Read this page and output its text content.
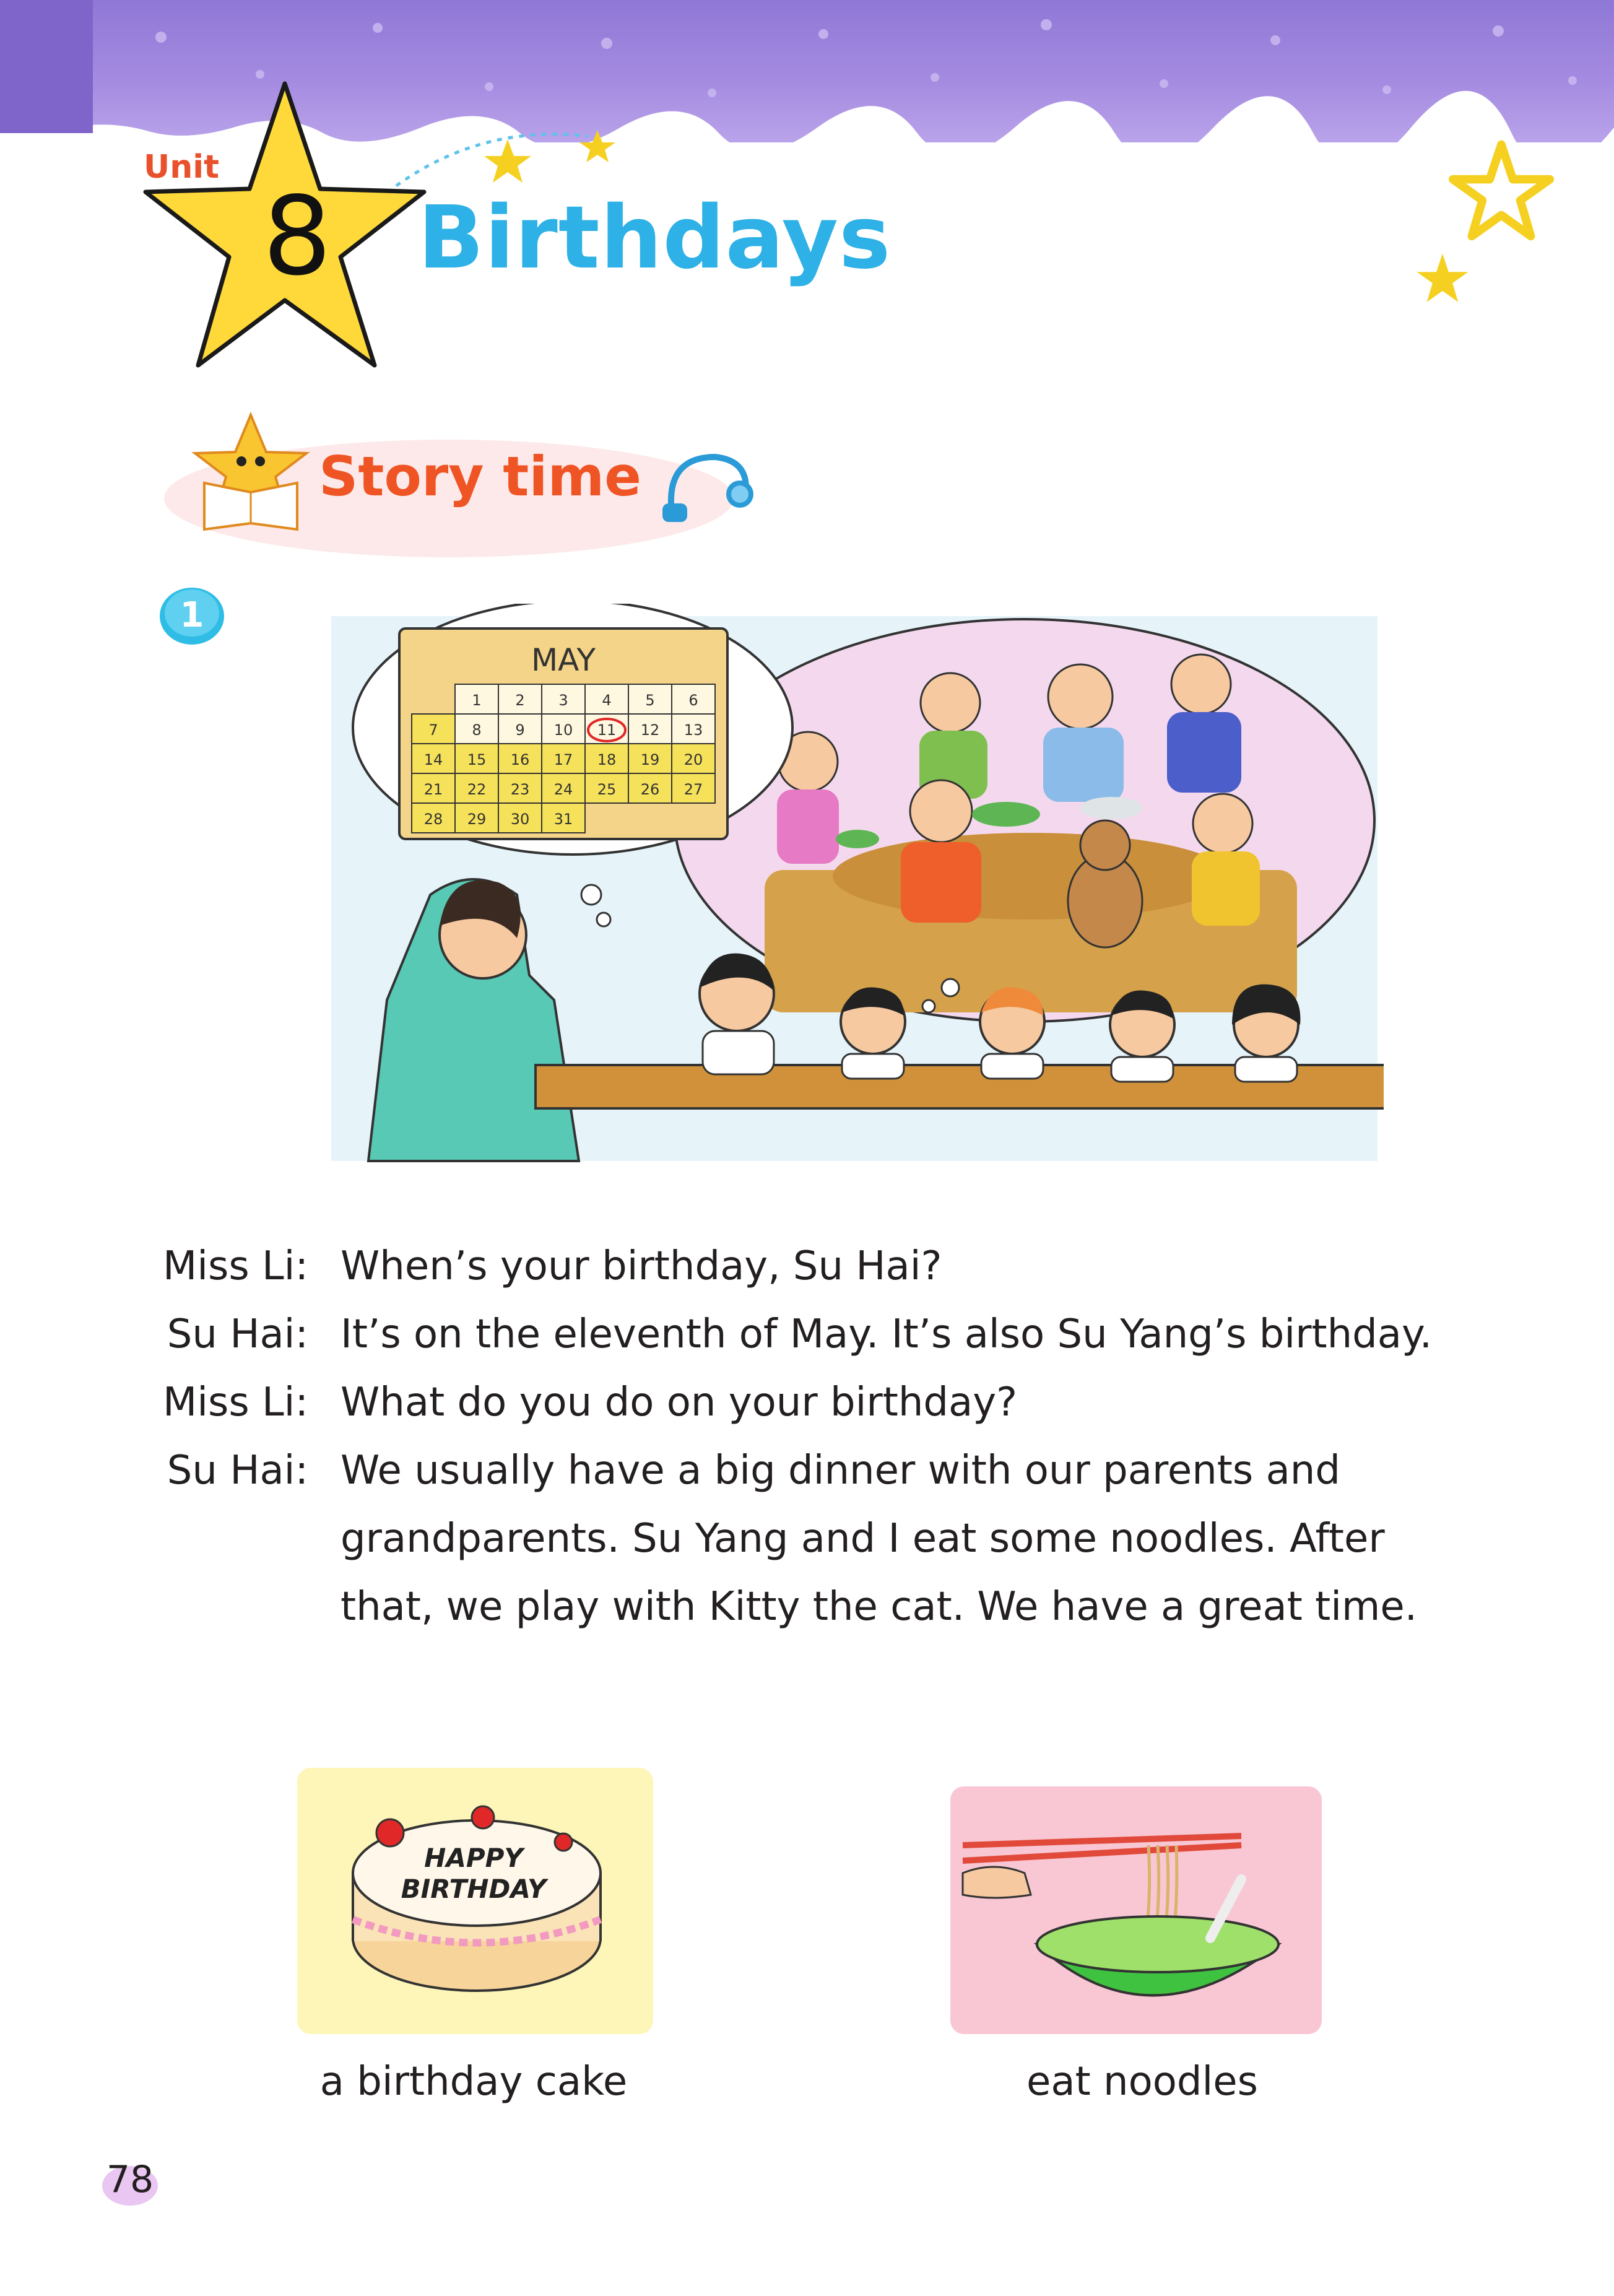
Unit
8 Birthdays
Story time
1
MAY
1 2 3 4 5 6
7 8 9 10 11 12 13
14 15 16 17 18 19 20
21 22 23 24 25 26 27
28 29 30 31
Miss Li: When’s your birthday, Su Hai?
Su Hai: It’s on the eleventh of May. It’s also Su Yang’s birthday.
Miss Li: What do you do on your birthday?
Su Hai: We usually have a big dinner with our parents and
grandparents. Su Yang and I eat some noodles. After
that, we play with Kitty the cat. We have a great time.
HAPPY
BIRTHDAY
a birthday cake	eat noodles
78
